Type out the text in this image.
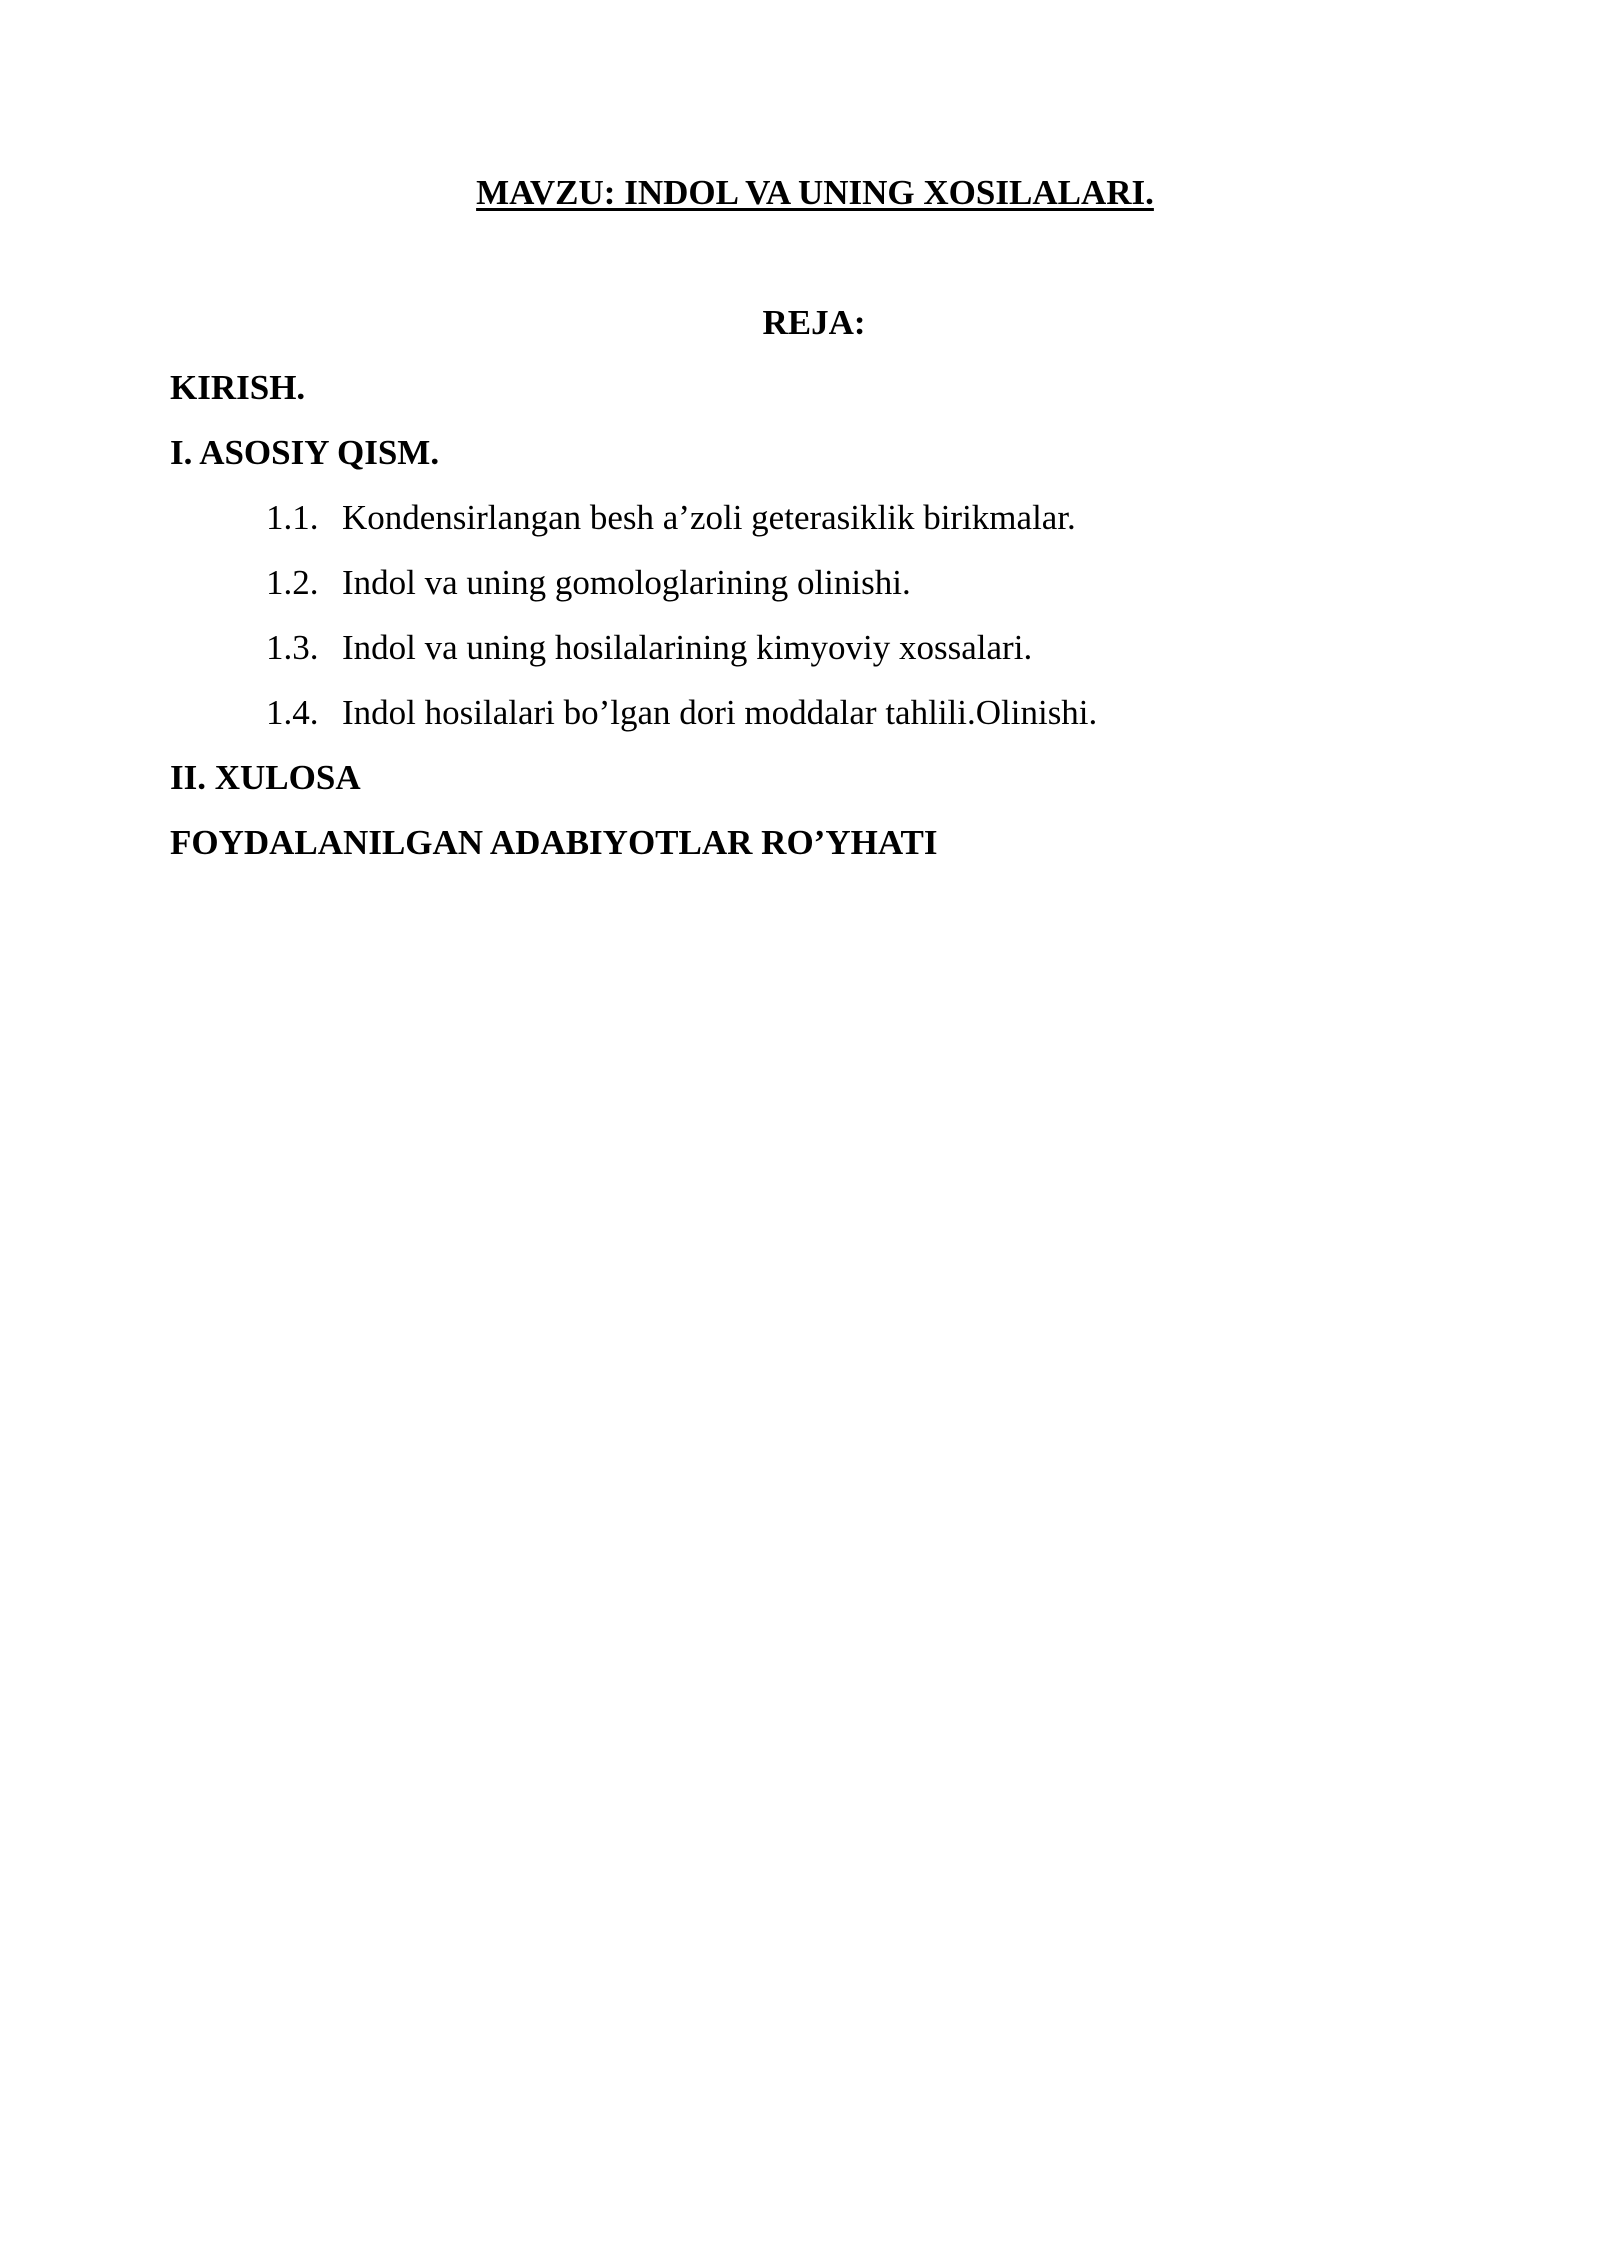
MAVZU: INDOL VA UNING XOSILALARI.
REJA:
KIRISH.
I. ASOSIY QISM.
1.1. Kondensirlangan besh a’zoli geterasiklik birikmalar.
1.2. Indol va uning gomologlarining olinishi.
1.3. Indol va uning hosilalarining kimyoviy xossalari.
1.4. Indol hosilalari bo’lgan dori moddalar tahlili.Olinishi.
II. XULOSA
FOYDALANILGAN ADABIYOTLAR RO’YHATI
